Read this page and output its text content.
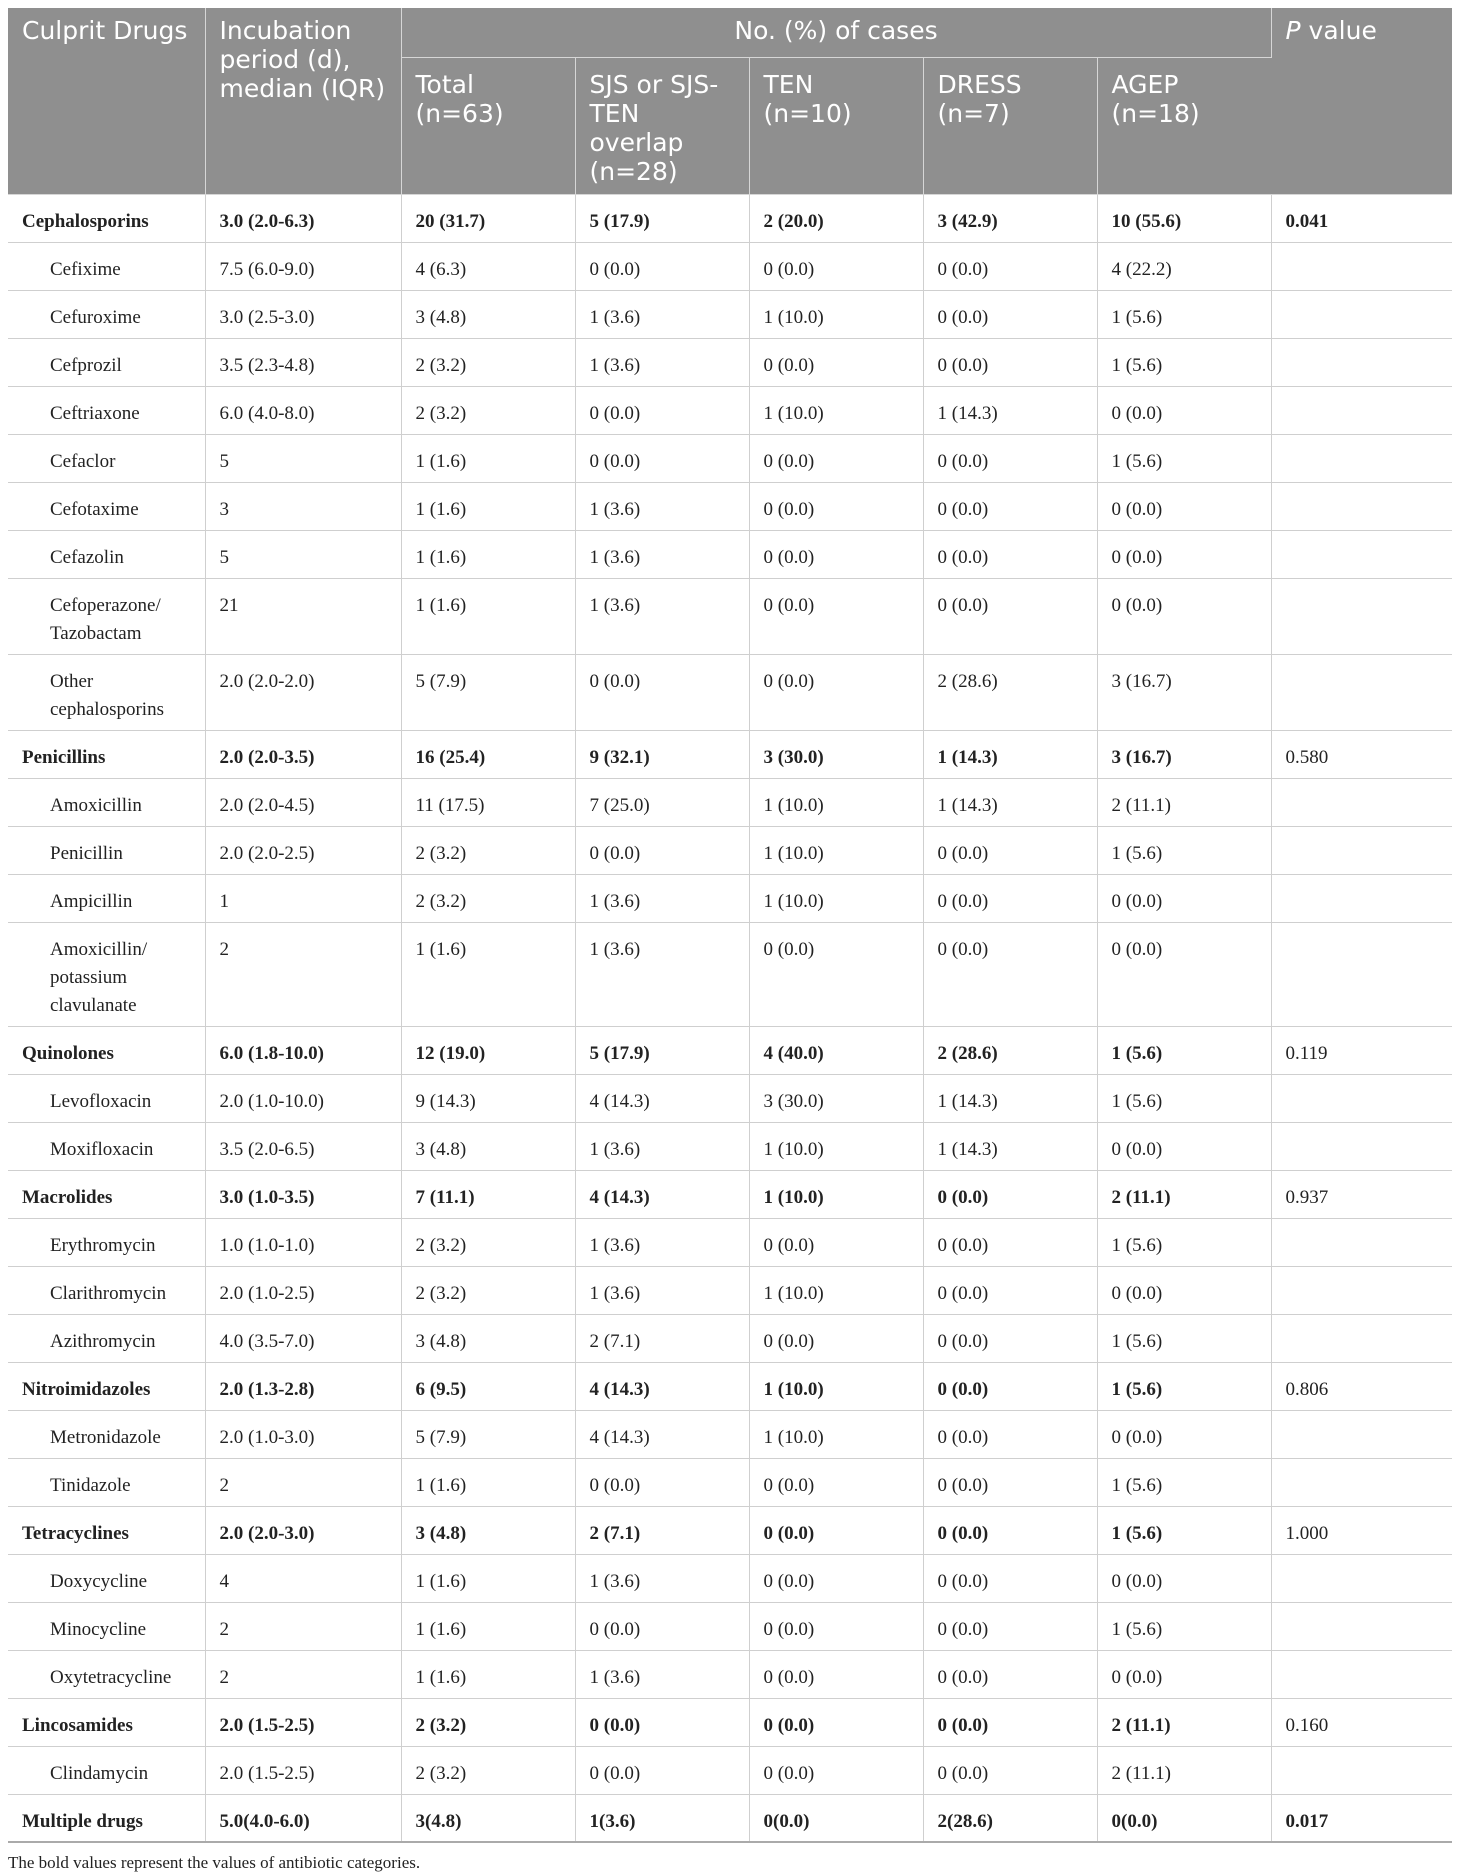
Culprit Drugs	Incubation period (d), median (IQR)	No. (%) of cases					P value
		Total (n=63)	SJS or SJS-TEN overlap (n=28)	TEN (n=10)	DRESS (n=7)	AGEP (n=18)	
Cephalosporins	3.0 (2.0-6.3)	20 (31.7)	5 (17.9)	2 (20.0)	3 (42.9)	10 (55.6)	0.041
Cefixime	7.5 (6.0-9.0)	4 (6.3)	0 (0.0)	0 (0.0)	0 (0.0)	4 (22.2)	
Cefuroxime	3.0 (2.5-3.0)	3 (4.8)	1 (3.6)	1 (10.0)	0 (0.0)	1 (5.6)	
Cefprozil	3.5 (2.3-4.8)	2 (3.2)	1 (3.6)	0 (0.0)	0 (0.0)	1 (5.6)	
Ceftriaxone	6.0 (4.0-8.0)	2 (3.2)	0 (0.0)	1 (10.0)	1 (14.3)	0 (0.0)	
Cefaclor	5	1 (1.6)	0 (0.0)	0 (0.0)	0 (0.0)	1 (5.6)	
Cefotaxime	3	1 (1.6)	1 (3.6)	0 (0.0)	0 (0.0)	0 (0.0)	
Cefazolin	5	1 (1.6)	1 (3.6)	0 (0.0)	0 (0.0)	0 (0.0)	
Cefoperazone/ Tazobactam	21	1 (1.6)	1 (3.6)	0 (0.0)	0 (0.0)	0 (0.0)	
Other cephalosporins	2.0 (2.0-2.0)	5 (7.9)	0 (0.0)	0 (0.0)	2 (28.6)	3 (16.7)	
Penicillins	2.0 (2.0-3.5)	16 (25.4)	9 (32.1)	3 (30.0)	1 (14.3)	3 (16.7)	0.580
Amoxicillin	2.0 (2.0-4.5)	11 (17.5)	7 (25.0)	1 (10.0)	1 (14.3)	2 (11.1)	
Penicillin	2.0 (2.0-2.5)	2 (3.2)	0 (0.0)	1 (10.0)	0 (0.0)	1 (5.6)	
Ampicillin	1	2 (3.2)	1 (3.6)	1 (10.0)	0 (0.0)	0 (0.0)	
Amoxicillin/ potassium clavulanate	2	1 (1.6)	1 (3.6)	0 (0.0)	0 (0.0)	0 (0.0)	
Quinolones	6.0 (1.8-10.0)	12 (19.0)	5 (17.9)	4 (40.0)	2 (28.6)	1 (5.6)	0.119
Levofloxacin	2.0 (1.0-10.0)	9 (14.3)	4 (14.3)	3 (30.0)	1 (14.3)	1 (5.6)	
Moxifloxacin	3.5 (2.0-6.5)	3 (4.8)	1 (3.6)	1 (10.0)	1 (14.3)	0 (0.0)	
Macrolides	3.0 (1.0-3.5)	7 (11.1)	4 (14.3)	1 (10.0)	0 (0.0)	2 (11.1)	0.937
Erythromycin	1.0 (1.0-1.0)	2 (3.2)	1 (3.6)	0 (0.0)	0 (0.0)	1 (5.6)	
Clarithromycin	2.0 (1.0-2.5)	2 (3.2)	1 (3.6)	1 (10.0)	0 (0.0)	0 (0.0)	
Azithromycin	4.0 (3.5-7.0)	3 (4.8)	2 (7.1)	0 (0.0)	0 (0.0)	1 (5.6)	
Nitroimidazoles	2.0 (1.3-2.8)	6 (9.5)	4 (14.3)	1 (10.0)	0 (0.0)	1 (5.6)	0.806
Metronidazole	2.0 (1.0-3.0)	5 (7.9)	4 (14.3)	1 (10.0)	0 (0.0)	0 (0.0)	
Tinidazole	2	1 (1.6)	0 (0.0)	0 (0.0)	0 (0.0)	1 (5.6)	
Tetracyclines	2.0 (2.0-3.0)	3 (4.8)	2 (7.1)	0 (0.0)	0 (0.0)	1 (5.6)	1.000
Doxycycline	4	1 (1.6)	1 (3.6)	0 (0.0)	0 (0.0)	0 (0.0)	
Minocycline	2	1 (1.6)	0 (0.0)	0 (0.0)	0 (0.0)	1 (5.6)	
Oxytetracycline	2	1 (1.6)	1 (3.6)	0 (0.0)	0 (0.0)	0 (0.0)	
Lincosamides	2.0 (1.5-2.5)	2 (3.2)	0 (0.0)	0 (0.0)	0 (0.0)	2 (11.1)	0.160
Clindamycin	2.0 (1.5-2.5)	2 (3.2)	0 (0.0)	0 (0.0)	0 (0.0)	2 (11.1)	
Multiple drugs	5.0(4.0-6.0)	3(4.8)	1(3.6)	0(0.0)	2(28.6)	0(0.0)	0.017
The bold values represent the values of antibiotic categories.
